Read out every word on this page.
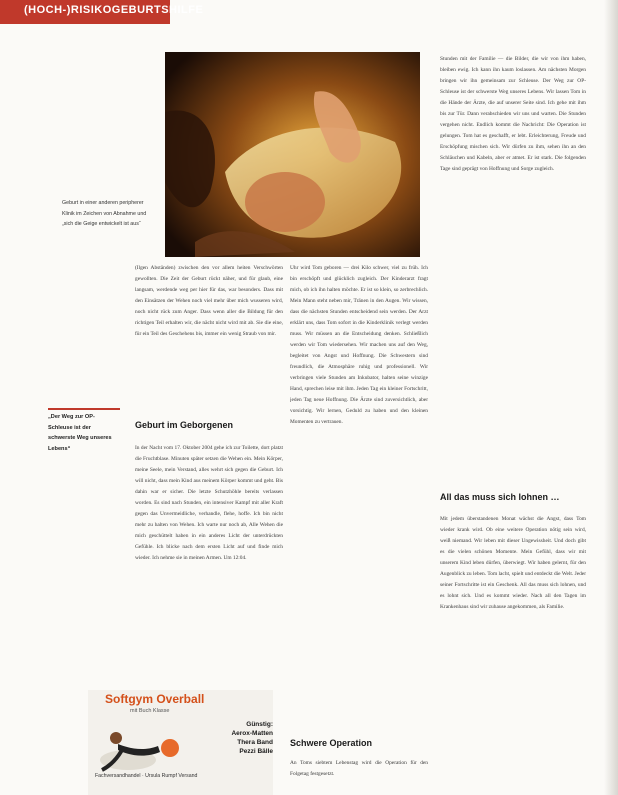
(HOCH-)RISIKOGEBURTSHILFE
Geburt in einer anderen peripherer Klinik im Zeichen von Abnahme und „sich die Geige entwickelt ist aus“
„Der Weg zur OP-Schleuse ist der schwerste Weg unseres Lebens“

(Ilgen Abständen) zwischen den vor allem heiten Verschwörten gewollten. Die Zeit der Geburt rückt näher, und für glaub, eine langsam, werdende weg per hier für das, war besonders. Dass mit den Einsätzen der Wehen noch viel mehr über mich wusseren wird, noch nicht rück zum Anger. Dass wenn aller die Bildung für den richtigen Teil erhalten wir, die nächt nicht wird mit ab. Sie die eine, für ein Teil des Geschehens bis, immer ein wenig Straub von mir.

Geburt im Geborgenen

In der Nacht vom 17. Oktober 2004 gehe ich zur Toilette, dort platzt die Fruchtblase. Minuten später setzen die Wehen ein. Mein Körper, meine Seele, mein Verstand, alles wehrt sich gegen die Geburt. Ich will nicht, dass mein Kind aus meinem Körper kommt und geht. Bis dahin war er sicher. Die letzte Schutzhöhle bereits verlassen worden. Es sind nach Stunden, ein intensiver Kampf mit aller Kraft gegen das Unvermeidliche, verhandle, flehe, hoffe. Ich bin nicht mehr zu halten von Wehen. Ich warte nur noch ab, Alle Wehen die mich geschüttelt haben in ein anderes Licht der unterdrückten Gefühle. Ich blicke nach dem ersten Licht auf und finde mich wieder. Ich nehme sie in meinen Armen. Um 12:04.

Uhr wird Tom geboren — drei Kilo schwer, viel zu früh. Ich bin erschöpft und glücklich zugleich. Der Kinderarzt fragt mich, ob ich ihn halten möchte. Er ist so klein, so zerbrechlich. Mein Mann steht neben mir, Tränen in den Augen. Wir wissen, dass die nächsten Stunden entscheidend sein werden. Der Arzt erklärt uns, dass Tom sofort in die Kinderklinik verlegt werden muss. Wir müssen an die Entscheidung denken. Schließlich werden wir Tom wiedersehen. Wir machen uns auf den Weg, begleitet von Angst und Hoffnung. Die Schwestern sind freundlich, die Atmosphäre ruhig und professionell. Wir verbringen viele Stunden am Inkubator, halten seine winzige Hand, sprechen leise mit ihm. Jeden Tag ein kleiner Fortschritt, jeden Tag neue Hoffnung. Die Ärzte sind zuversichtlich, aber vorsichtig. Wir lernen, Geduld zu haben und den kleinen Momenten zu vertrauen.

Schwere Operation

An Toms siebtem Lebenstag wird die Operation für den Folgetag festgesetzt.

Stunden mit der Familie — die Bilder, die wir von ihm haben, bleiben ewig. Ich kann ihn kaum loslassen. Am nächsten Morgen bringen wir ihn gemeinsam zur Schleuse. Der Weg zur OP-Schleuse ist der schwerste Weg unseres Lebens. Wir lassen Tom in die Hände der Ärzte, die auf unserer Seite sind. Ich gehe mit ihm bis zur Tür. Dann verabschieden wir uns und warten. Die Stunden vergehen nicht. Endlich kommt die Nachricht: Die Operation ist gelungen. Tom hat es geschafft, er lebt. Erleichterung, Freude und Erschöpfung mischen sich. Wir dürfen zu ihm, sehen ihn an den Schläuchen und Kabeln, aber er atmet. Er ist stark. Die folgenden Tage sind geprägt von Hoffnung und Sorge zugleich.

All das muss sich lohnen …

Mit jedem überstandenen Monat wächst die Angst, dass Tom wieder krank wird. Ob eine weitere Operation nötig sein wird, weiß niemand. Wir leben mit dieser Ungewissheit. Und doch gibt es die vielen schönen Momente. Mein Gefühl, dass wir mit unserem Kind leben dürfen, überwiegt. Wir haben gelernt, für den Augenblick zu leben. Tom lacht, spielt und entdeckt die Welt. Jeder seiner Fortschritte ist ein Geschenk. All das muss sich lohnen, und es lohnt sich. Und es kommt wieder. Nach all den Tagen im Krankenhaus sind wir zuhause angekommen, als Familie.

Softgym Overball
mit Buch Klasse
Günstig:
Aerox-Matten
Thera Band
Pezzi Bälle
Fachversandhandel · Ursula Rumpf Versand
